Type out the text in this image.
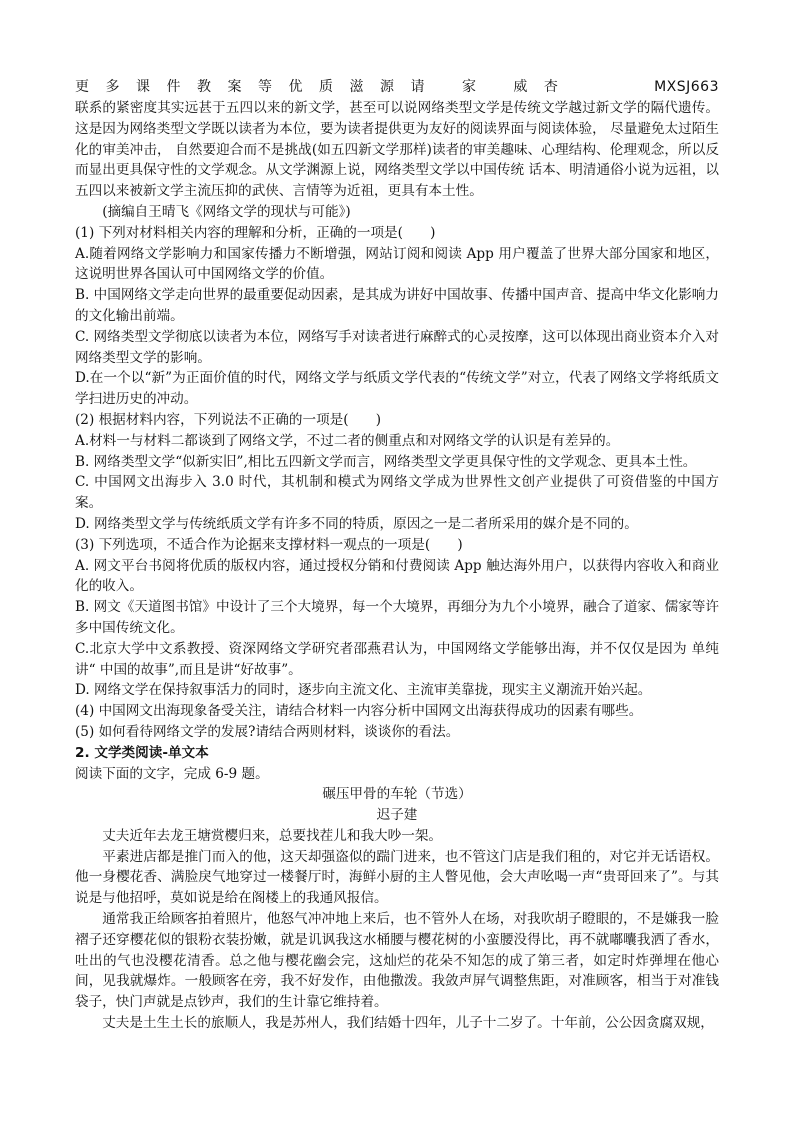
更多课件教案等优质滋源请 家 威杏	MXSJ663

联系的紧密度其实远甚于五四以来的新文学，甚至可以说网络类型文学是传统文学越过新文学的隔代遗传。这是因为网络类型文学既以读者为本位，要为读者提供更为友好的阅读界面与阅读体验， 尽量避免太过陌生化的审美冲击， 自然要迎合而不是挑战(如五四新文学那样)读者的审美趣味、心理结构、伦理观念，所以反而显出更具保守性的文学观念。从文学渊源上说，网络类型文学以中国传统 话本、明清通俗小说为远祖，以五四以来被新文学主流压抑的武侠、言情等为近祖，更具有本土性。

(摘编自王晴飞《网络文学的现状与可能》)

(1) 下列对材料相关内容的理解和分析，正确的一项是(　　)

A.随着网络文学影响力和国家传播力不断增强，网站订阅和阅读 App 用户覆盖了世界大部分国家和地区，这说明世界各国认可中国网络文学的价值。

B. 中国网络文学走向世界的最重要促动因素，是其成为讲好中国故事、传播中国声音、提高中华文化影响力的文化输出前端。

C. 网络类型文学彻底以读者为本位，网络写手对读者进行麻醉式的心灵按摩，这可以体现出商业资本介入对网络类型文学的影响。

D.在一个以“新”为正面价值的时代，网络文学与纸质文学代表的“传统文学”对立，代表了网络文学将纸质文学扫进历史的冲动。

(2) 根据材料内容，下列说法不正确的一项是(　　)

A.材料一与材料二都谈到了网络文学，不过二者的侧重点和对网络文学的认识是有差异的。

B. 网络类型文学“似新实旧”,相比五四新文学而言，网络类型文学更具保守性的文学观念、更具本土性。

C. 中国网文出海步入 3.0 时代，其机制和模式为网络文学成为世界性文创产业提供了可资借鉴的中国方案。

D. 网络类型文学与传统纸质文学有许多不同的特质，原因之一是二者所采用的媒介是不同的。

(3) 下列选项，不适合作为论据来支撑材料一观点的一项是(　　)

A. 网文平台书阅将优质的版权内容，通过授权分销和付费阅读 App 触达海外用户，以获得内容收入和商业化的收入。

B. 网文《天道图书馆》中设计了三个大境界，每一个大境界，再细分为九个小境界，融合了道家、儒家等许多中国传统文化。

C.北京大学中文系教授、资深网络文学研究者邵燕君认为，中国网络文学能够出海，并不仅仅是因为 单纯讲“ 中国的故事”,而且是讲“好故事”。

D. 网络文学在保持叙事活力的同时，逐步向主流文化、主流审美靠拢，现实主义潮流开始兴起。

(4) 中国网文出海现象备受关注，请结合材料一内容分析中国网文出海获得成功的因素有哪些。

(5) 如何看待网络文学的发展?请结合两则材料，谈谈你的看法。

2. 文学类阅读-单文本

阅读下面的文字，完成 6-9 题。

碾压甲骨的车轮（节选）

迟子建

丈夫近年去龙王塘赏樱归来，总要找茬儿和我大吵一架。

平素进店都是推门而入的他，这天却强盗似的踹门进来，也不管这门店是我们租的，对它并无话语权。他一身樱花香、满脸戾气地穿过一楼餐厅时，海鲜小厨的主人瞥见他，会大声吆喝一声“贵哥回来了”。与其说是与他招呼，莫如说是给在阁楼上的我通风报信。

通常我正给顾客拍着照片，他怒气冲冲地上来后，也不管外人在场，对我吹胡子瞪眼的，不是嫌我一脸褶子还穿樱花似的银粉衣装扮嫩，就是讥讽我这水桶腰与樱花树的小蛮腰没得比，再不就嘟囔我洒了香水，吐出的气也没樱花清香。总之他与樱花幽会完，这灿烂的花朵不知怎的成了第三者，如定时炸弹埋在他心间，见我就爆炸。一般顾客在旁，我不好发作，由他撒泼。我敛声屏气调整焦距，对准顾客，相当于对准钱袋子，快门声就是点钞声，我们的生计靠它维持着。

丈夫是土生土长的旅顺人，我是苏州人，我们结婚十四年，儿子十二岁了。十年前，公公因贪腐双规，
